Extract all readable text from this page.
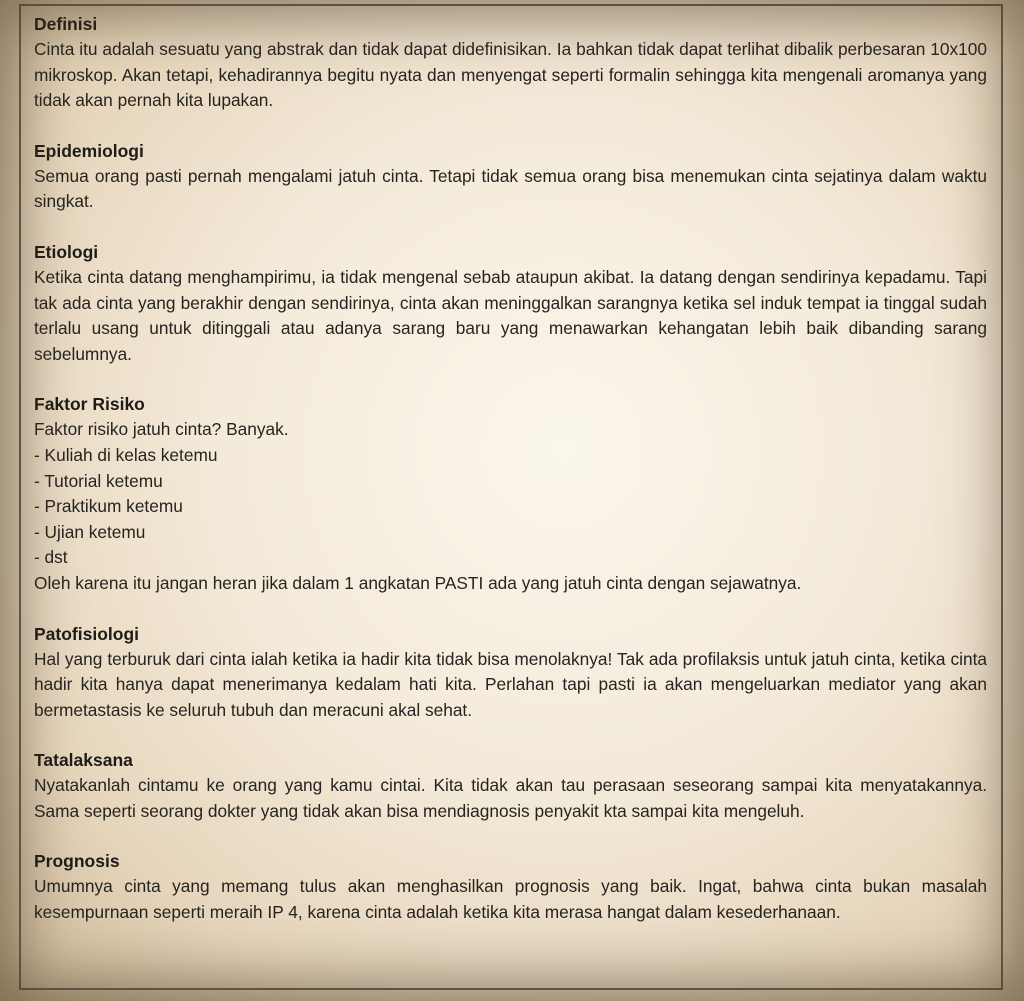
Definisi

Cinta itu adalah sesuatu yang abstrak dan tidak dapat didefinisikan. Ia bahkan tidak dapat terlihat dibalik perbesaran 10x100 mikroskop. Akan tetapi, kehadirannya begitu nyata dan menyengat seperti formalin sehingga kita mengenali aromanya yang tidak akan pernah kita lupakan.

Epidemiologi

Semua orang pasti pernah mengalami jatuh cinta. Tetapi tidak semua orang bisa menemukan cinta sejatinya dalam waktu singkat.

Etiologi

Ketika cinta datang menghampirimu, ia tidak mengenal sebab ataupun akibat. Ia datang dengan sendirinya kepadamu. Tapi tak ada cinta yang berakhir dengan sendirinya, cinta akan meninggalkan sarangnya ketika sel induk tempat ia tinggal sudah terlalu usang untuk ditinggali atau adanya sarang baru yang menawarkan kehangatan lebih baik dibanding sarang sebelumnya.

Faktor Risiko

Faktor risiko jatuh cinta? Banyak.

- Kuliah di kelas ketemu
- Tutorial ketemu
- Praktikum ketemu
- Ujian ketemu
- dst

Oleh karena itu jangan heran jika dalam 1 angkatan PASTI ada yang jatuh cinta dengan sejawatnya.

Patofisiologi

Hal yang terburuk dari cinta ialah ketika ia hadir kita tidak bisa menolaknya! Tak ada profilaksis untuk jatuh cinta, ketika cinta hadir kita hanya dapat menerimanya kedalam hati kita. Perlahan tapi pasti ia akan mengeluarkan mediator yang akan bermetastasis ke seluruh tubuh dan meracuni akal sehat.

Tatalaksana

Nyatakanlah cintamu ke orang yang kamu cintai. Kita tidak akan tau perasaan seseorang sampai kita menyatakannya. Sama seperti seorang dokter yang tidak akan bisa mendiagnosis penyakit kta sampai kita mengeluh.

Prognosis

Umumnya cinta yang memang tulus akan menghasilkan prognosis yang baik. Ingat, bahwa cinta bukan masalah kesempurnaan seperti meraih IP 4, karena cinta adalah ketika kita merasa hangat dalam kesederhanaan.
